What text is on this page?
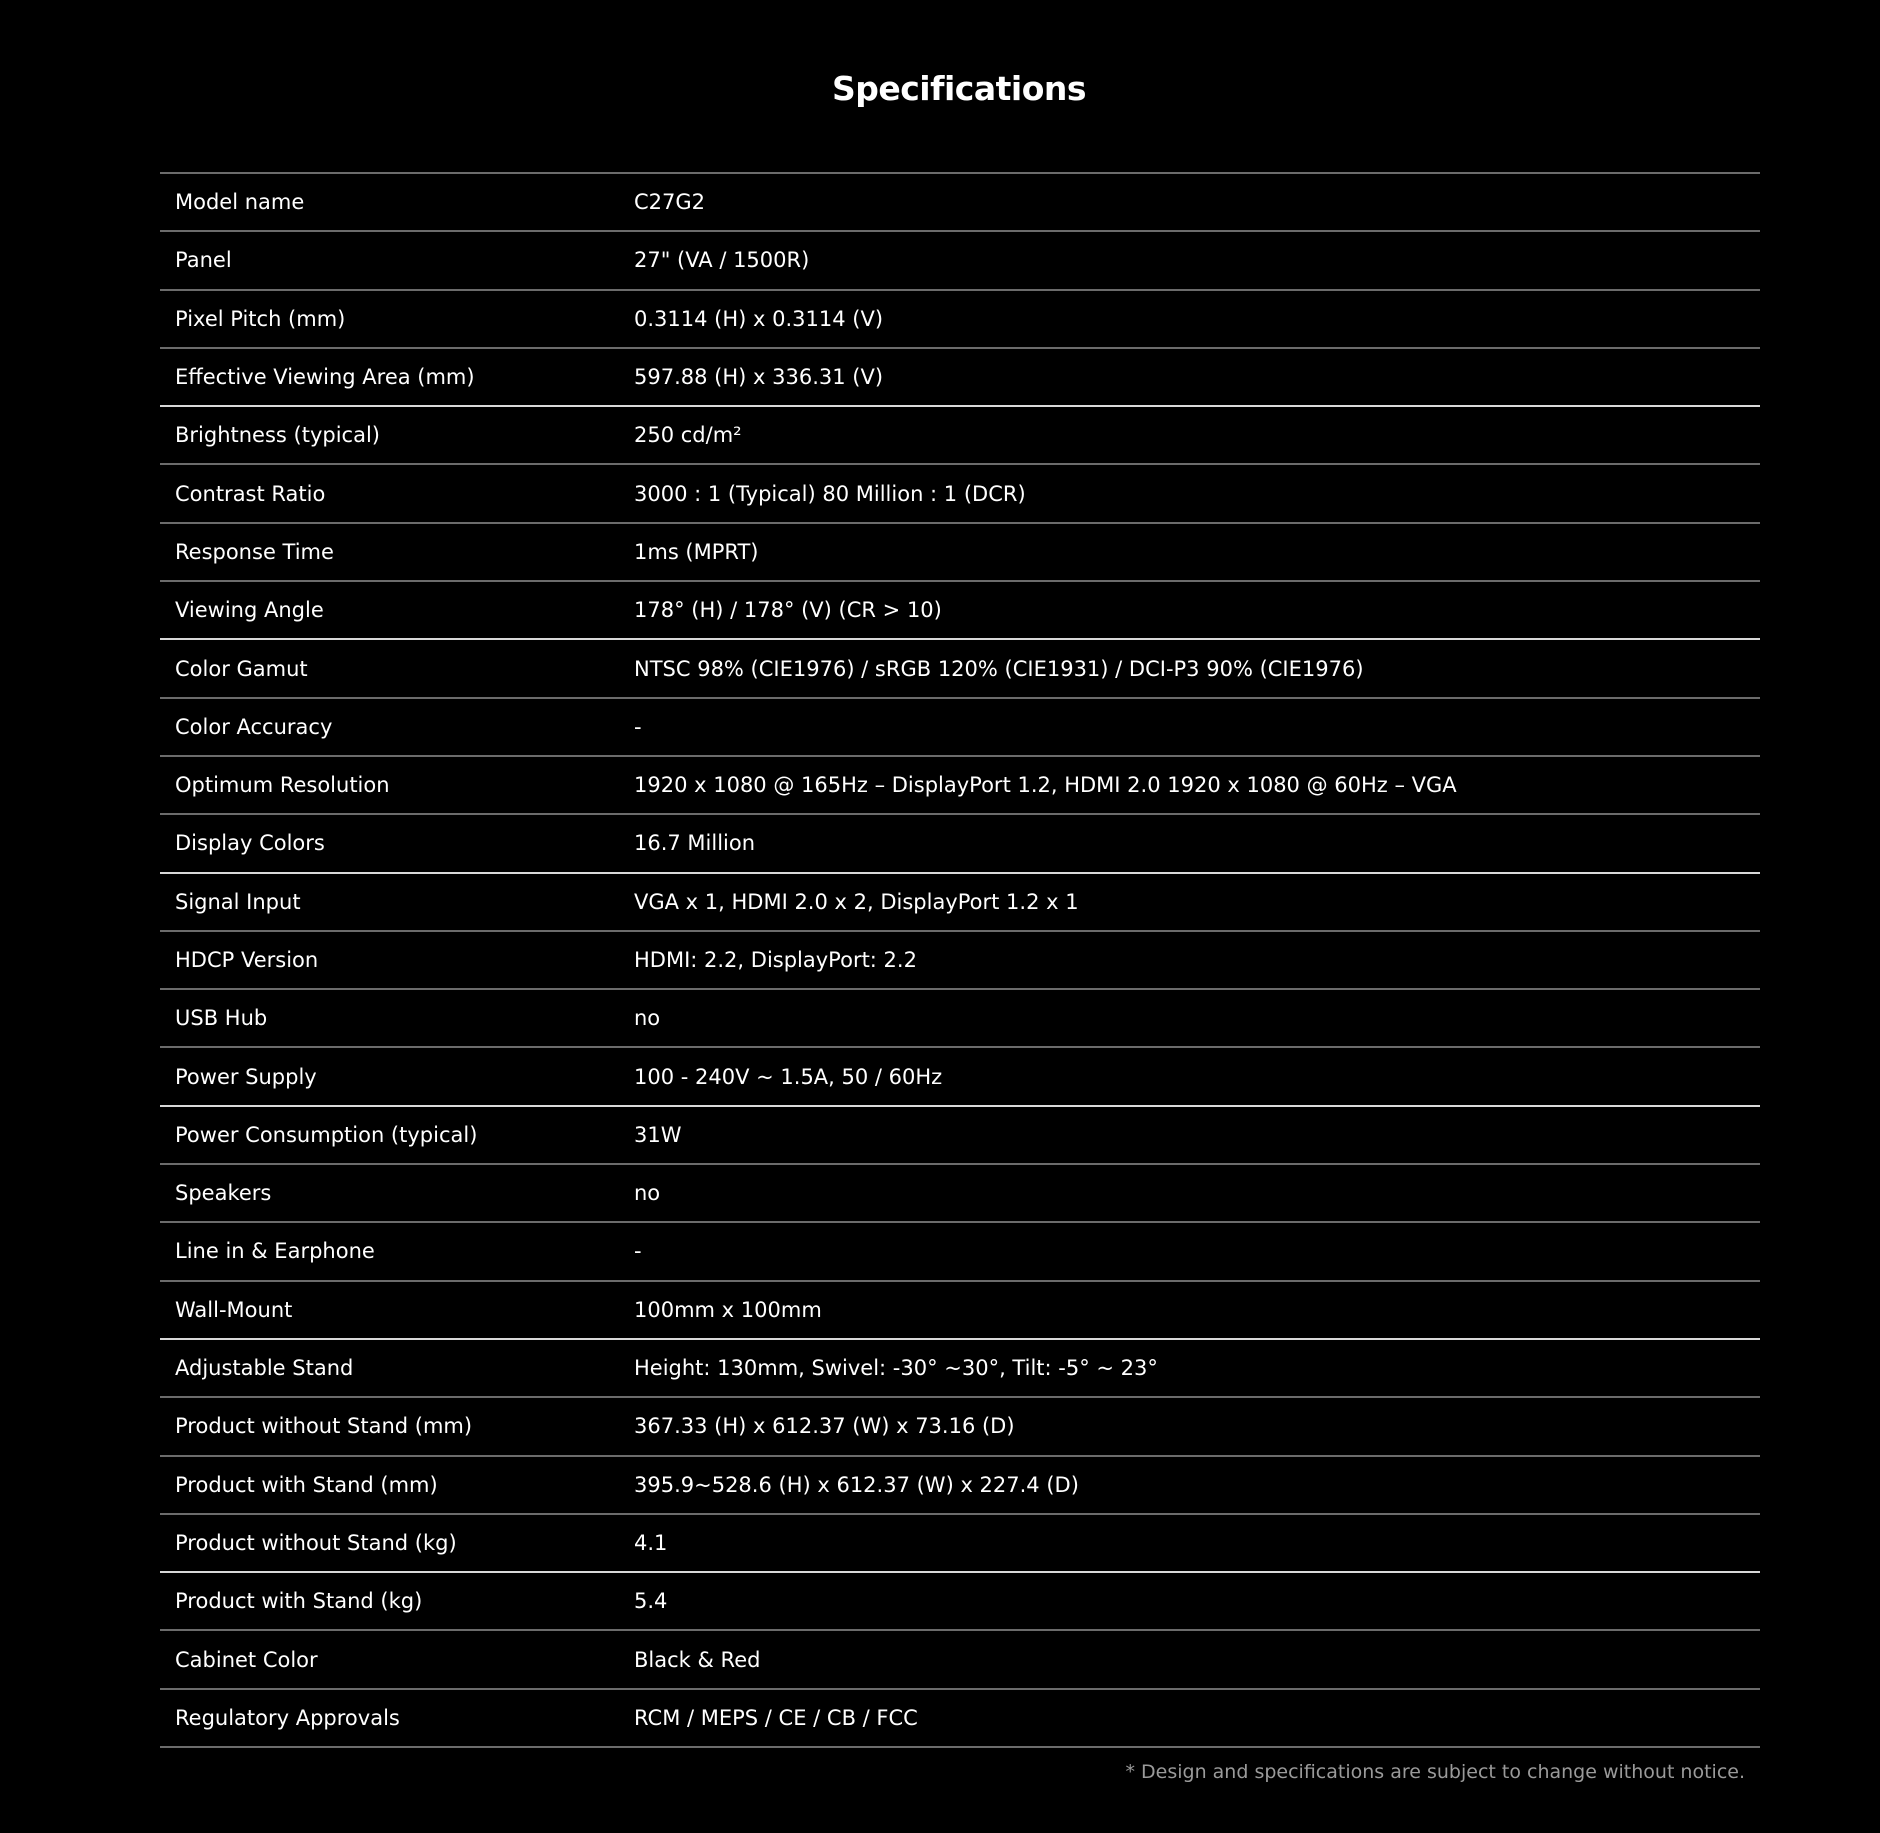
Specifications
Model name	C27G2
Panel	27" (VA / 1500R)
Pixel Pitch (mm)	0.3114 (H) x 0.3114 (V)
Effective Viewing Area (mm)	597.88 (H) x 336.31 (V)
Brightness (typical)	250 cd/m²
Contrast Ratio	3000 : 1 (Typical) 80 Million : 1 (DCR)
Response Time	1ms (MPRT)
Viewing Angle	178° (H) / 178° (V) (CR > 10)
Color Gamut	NTSC 98% (CIE1976) / sRGB 120% (CIE1931) / DCI-P3 90% (CIE1976)
Color Accuracy	-
Optimum Resolution	1920 x 1080 @ 165Hz – DisplayPort 1.2, HDMI 2.0 1920 x 1080 @ 60Hz – VGA
Display Colors	16.7 Million
Signal Input	VGA x 1, HDMI 2.0 x 2, DisplayPort 1.2 x 1
HDCP Version	HDMI: 2.2, DisplayPort: 2.2
USB Hub	no
Power Supply	100 - 240V ~ 1.5A, 50 / 60Hz
Power Consumption (typical)	31W
Speakers	no
Line in & Earphone	-
Wall-Mount	100mm x 100mm
Adjustable Stand	Height: 130mm, Swivel: -30° ~30°, Tilt: -5° ~ 23°
Product without Stand (mm)	367.33 (H) x 612.37 (W) x 73.16 (D)
Product with Stand (mm)	395.9~528.6 (H) x 612.37 (W) x 227.4 (D)
Product without Stand (kg)	4.1
Product with Stand (kg)	5.4
Cabinet Color	Black & Red
Regulatory Approvals	RCM / MEPS / CE / CB / FCC
* Design and specifications are subject to change without notice.
